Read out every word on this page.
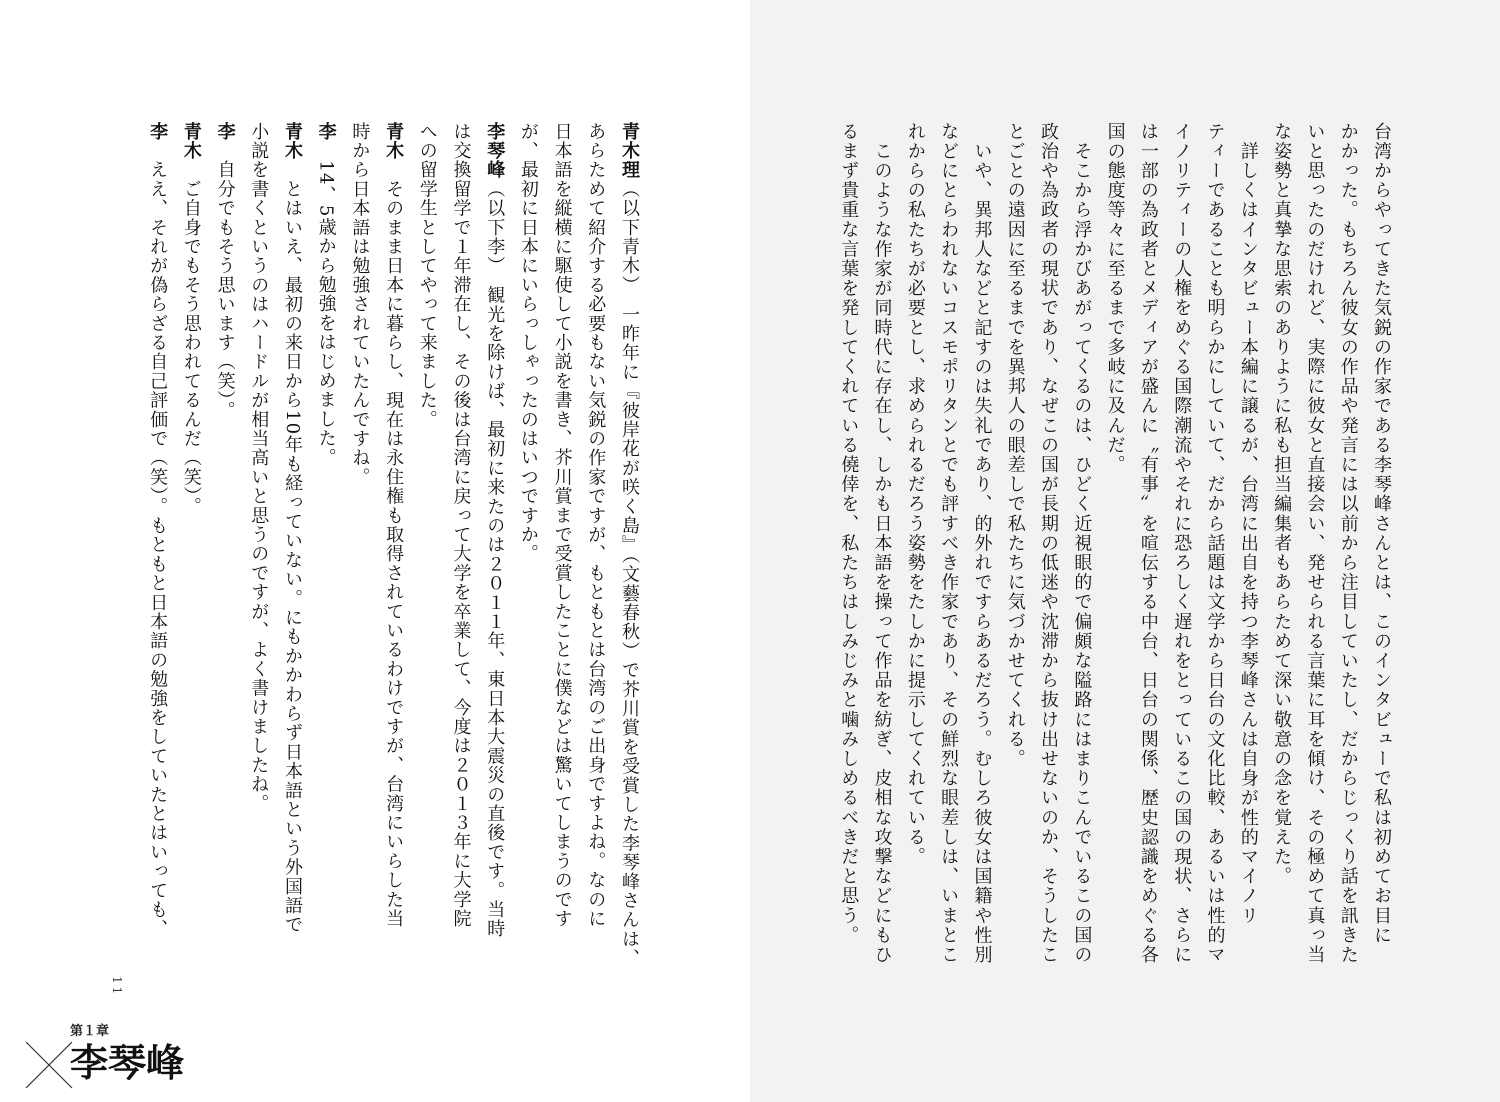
青木理（以下青木）　一昨年に『彼岸花が咲く島』（文藝春秋）で芥川賞を受賞した李琴峰さんは、
あらためて紹介する必要もない気鋭の作家ですが、もともとは台湾のご出身ですよね。なのに
日本語を縦横に駆使して小説を書き、芥川賞まで受賞したことに僕などは驚いてしまうのです
が、最初に日本にいらっしゃったのはいつですか。
李琴峰（以下李）　観光を除けば、最初に来たのは２０１１年、東日本大震災の直後です。当時
は交換留学で１年滞在し、その後は台湾に戻って大学を卒業して、今度は２０１３年に大学院
への留学生としてやって来ました。
青木　そのまま日本に暮らし、現在は永住権も取得されているわけですが、台湾にいらした当
時から日本語は勉強されていたんですね。
李　14、5歳から勉強をはじめました。
青木　とはいえ、最初の来日から10年も経っていない。にもかかわらず日本語という外国語で
小説を書くというのはハードルが相当高いと思うのですが、よく書けましたね。
李　自分でもそう思います（笑）。
青木　ご自身でもそう思われてるんだ（笑）。
李　ええ、それが偽らざる自己評価で（笑）。もともと日本語の勉強をしていたとはいっても、
11
第１章
李琴峰
台湾からやってきた気鋭の作家である李琴峰さんとは、このインタビューで私は初めてお目に
かかった。もちろん彼女の作品や発言には以前から注目していたし、だからじっくり話を訊きた
いと思ったのだけれど、実際に彼女と直接会い、発せられる言葉に耳を傾け、その極めて真っ当
な姿勢と真摯な思索のありように私も担当編集者もあらためて深い敬意の念を覚えた。
　詳しくはインタビュー本編に譲るが、台湾に出自を持つ李琴峰さんは自身が性的マイノリ
ティーであることも明らかにしていて、だから話題は文学から日台の文化比較、あるいは性的マ
イノリティーの人権をめぐる国際潮流やそれに恐ろしく遅れをとっているこの国の現状、さらに
は一部の為政者とメディアが盛んに〝有事〟を喧伝する中台、日台の関係、歴史認識をめぐる各
国の態度等々に至るまで多岐に及んだ。
　そこから浮かびあがってくるのは、ひどく近視眼的で偏頗な隘路にはまりこんでいるこの国の
政治や為政者の現状であり、なぜこの国が長期の低迷や沈滞から抜け出せないのか、そうしたこ
とごとの遠因に至るまでを異邦人の眼差しで私たちに気づかせてくれる。
　いや、異邦人などと記すのは失礼であり、的外れですらあるだろう。むしろ彼女は国籍や性別
などにとらわれないコスモポリタンとでも評すべき作家であり、その鮮烈な眼差しは、いまとこ
れからの私たちが必要とし、求められるだろう姿勢をたしかに提示してくれている。
　このような作家が同時代に存在し、しかも日本語を操って作品を紡ぎ、皮相な攻撃などにもひ
るまず貴重な言葉を発してくれている僥倖を、私たちはしみじみと噛みしめるべきだと思う。
